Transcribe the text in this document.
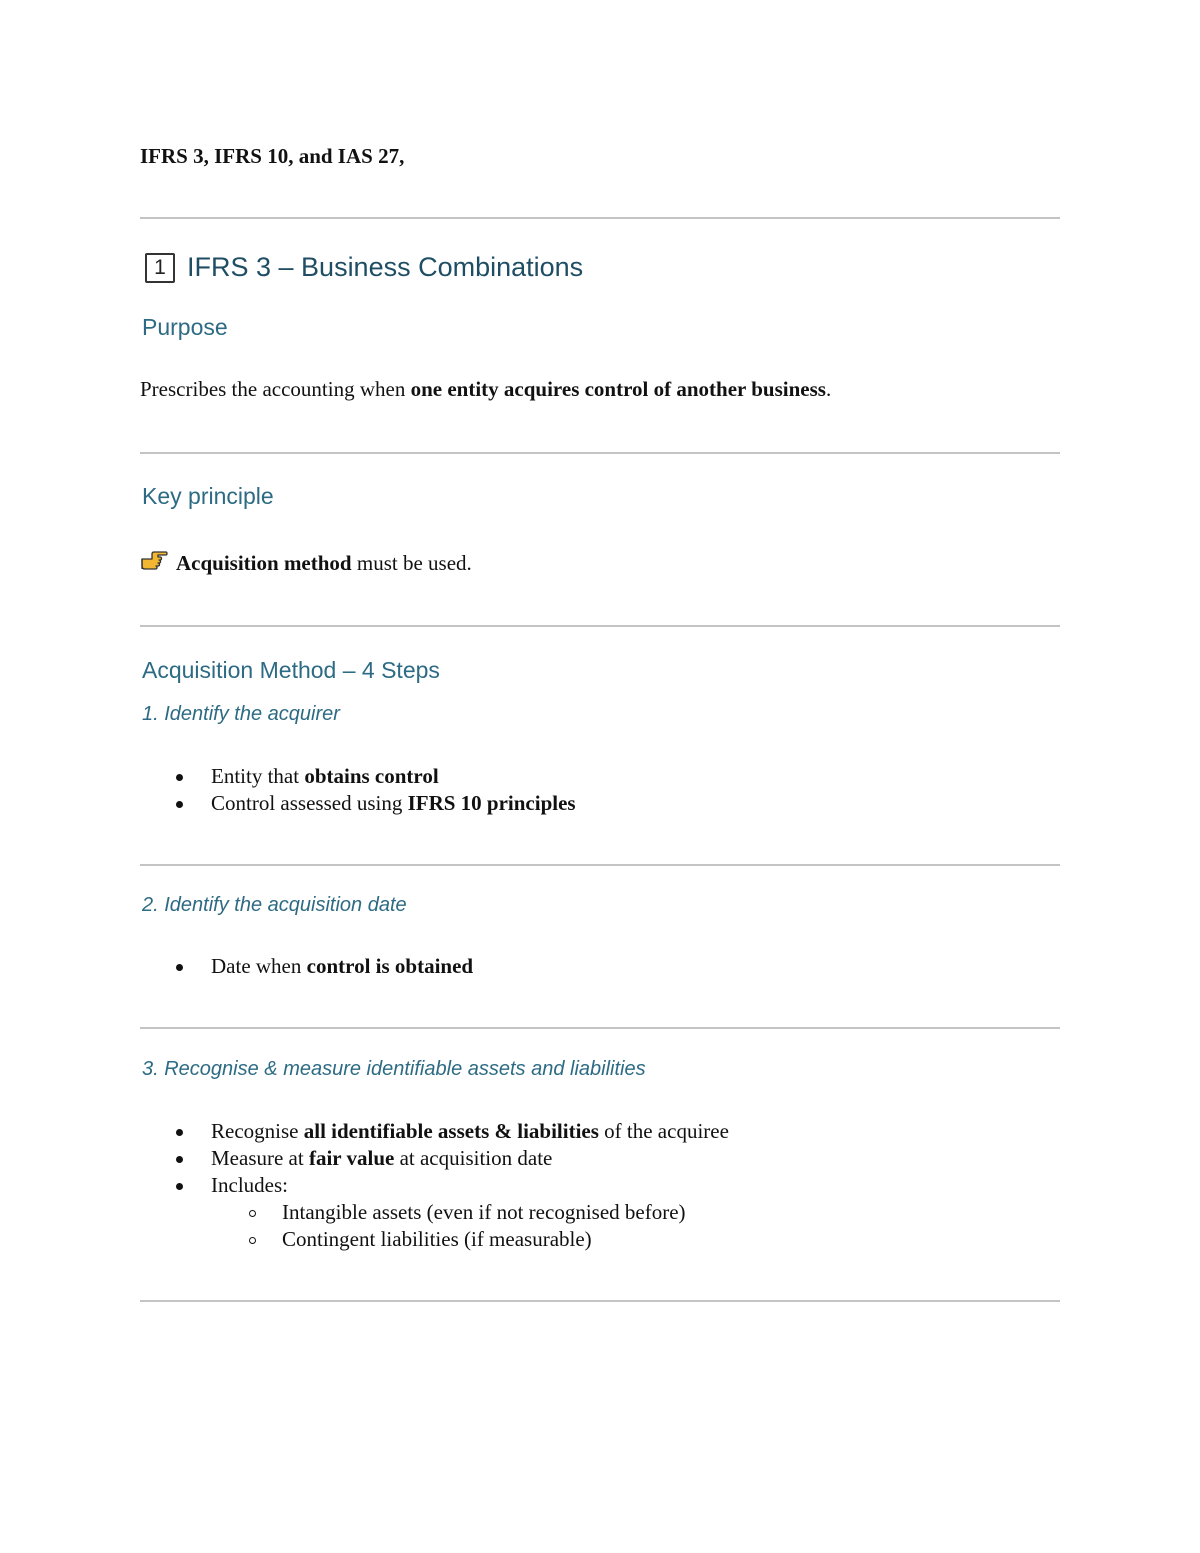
IFRS 3, IFRS 10, and IAS 27,
1 IFRS 3 – Business Combinations
Purpose
Prescribes the accounting when one entity acquires control of another business.
Key principle
Acquisition method must be used.
Acquisition Method – 4 Steps
1. Identify the acquirer
Entity that obtains control
Control assessed using IFRS 10 principles
2. Identify the acquisition date
Date when control is obtained
3. Recognise & measure identifiable assets and liabilities
Recognise all identifiable assets & liabilities of the acquiree
Measure at fair value at acquisition date
Includes:
Intangible assets (even if not recognised before)
Contingent liabilities (if measurable)
